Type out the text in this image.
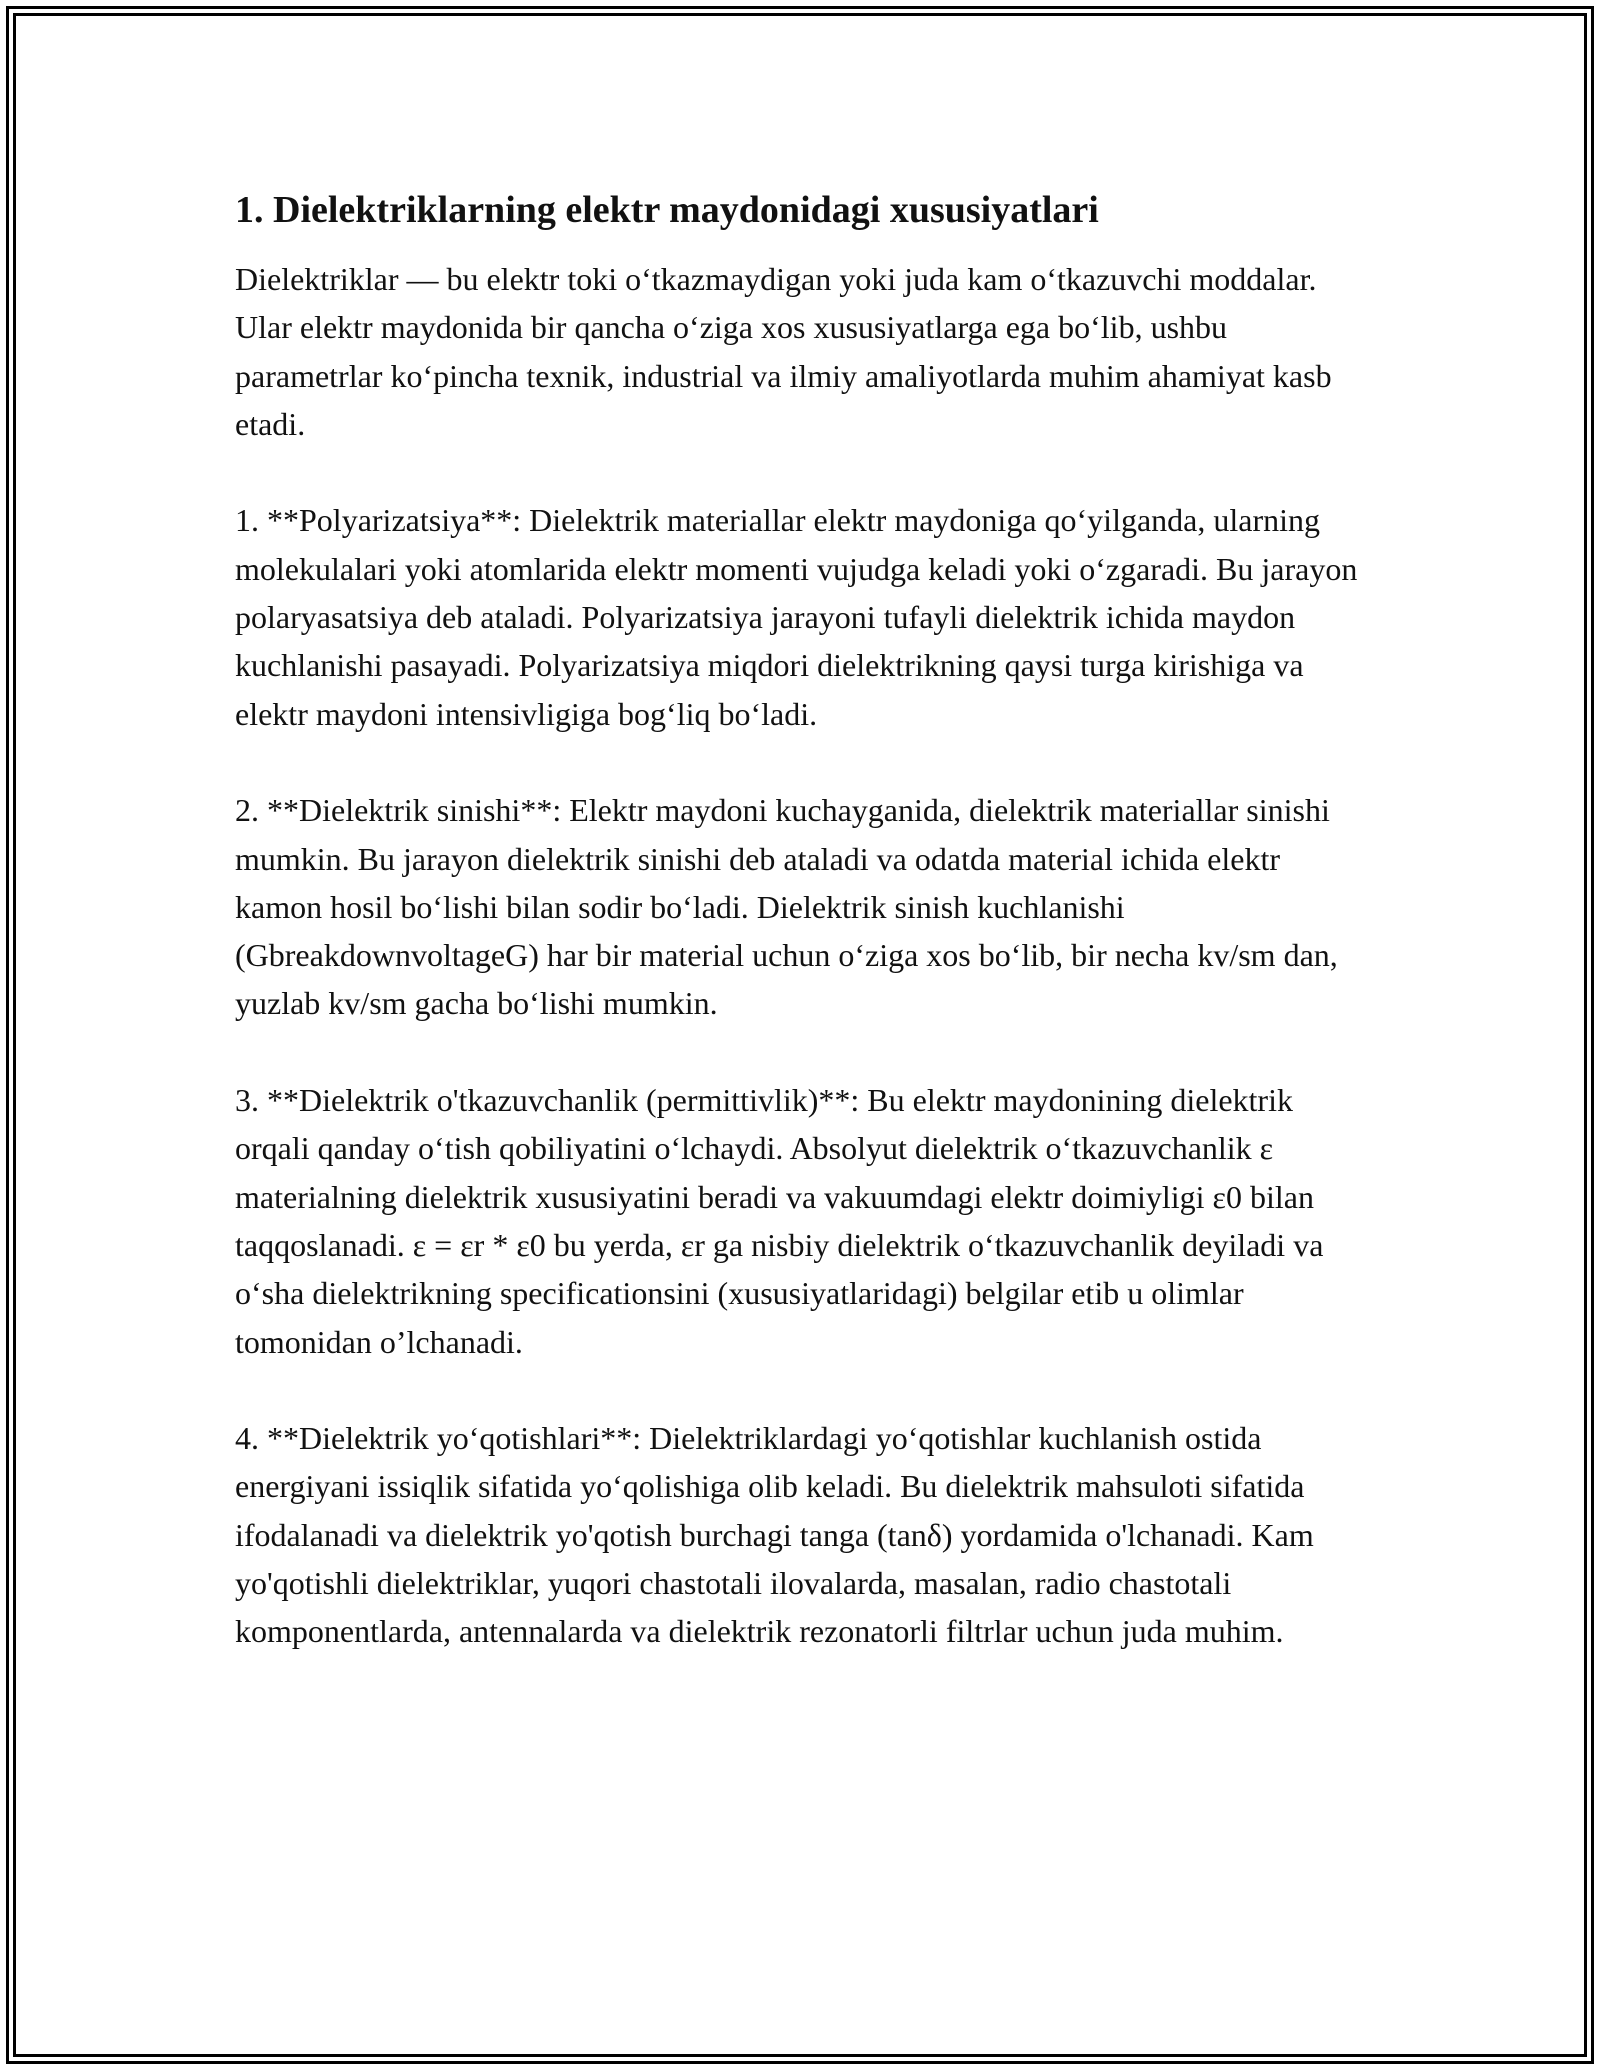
1. Dielektriklarning elektr maydonidagi xususiyatlari

Dielektriklar — bu elektr toki o‘tkazmaydigan yoki juda kam o‘tkazuvchi moddalar. Ular elektr maydonida bir qancha o‘ziga xos xususiyatlarga ega bo‘lib, ushbu parametrlar ko‘pincha texnik, industrial va ilmiy amaliyotlarda muhim ahamiyat kasb etadi.

1. **Polyarizatsiya**: Dielektrik materiallar elektr maydoniga qo‘yilganda, ularning molekulalari yoki atomlarida elektr momenti vujudga keladi yoki o‘zgaradi. Bu jarayon polaryasatsiya deb ataladi. Polyarizatsiya jarayoni tufayli dielektrik ichida maydon kuchlanishi pasayadi. Polyarizatsiya miqdori dielektrikning qaysi turga kirishiga va elektr maydoni intensivligiga bog‘liq bo‘ladi.

2. **Dielektrik sinishi**: Elektr maydoni kuchayganida, dielektrik materiallar sinishi mumkin. Bu jarayon dielektrik sinishi deb ataladi va odatda material ichida elektr kamon hosil bo‘lishi bilan sodir bo‘ladi. Dielektrik sinish kuchlanishi (GbreakdownvoltageG) har bir material uchun o‘ziga xos bo‘lib, bir necha kv/sm dan, yuzlab kv/sm gacha bo‘lishi mumkin.

3. **Dielektrik o'tkazuvchanlik (permittivlik)**: Bu elektr maydonining dielektrik orqali qanday o‘tish qobiliyatini o‘lchaydi. Absolyut dielektrik o‘tkazuvchanlik ε materialning dielektrik xususiyatini beradi va vakuumdagi elektr doimiyligi ε0 bilan taqqoslanadi. ε = εr * ε0 bu yerda, εr ga nisbiy dielektrik o‘tkazuvchanlik deyiladi va o‘sha dielektrikning specificationsini (xususiyatlaridagi) belgilar etib u olimlar tomonidan o’lchanadi.

4. **Dielektrik yo‘qotishlari**: Dielektriklardagi yo‘qotishlar kuchlanish ostida energiyani issiqlik sifatida yo‘qolishiga olib keladi. Bu dielektrik mahsuloti sifatida ifodalanadi va dielektrik yo'qotish burchagi tanga (tanδ) yordamida o'lchanadi. Kam yo'qotishli dielektriklar, yuqori chastotali ilovalarda, masalan, radio chastotali komponentlarda, antennalarda va dielektrik rezonatorli filtrlar uchun juda muhim.
